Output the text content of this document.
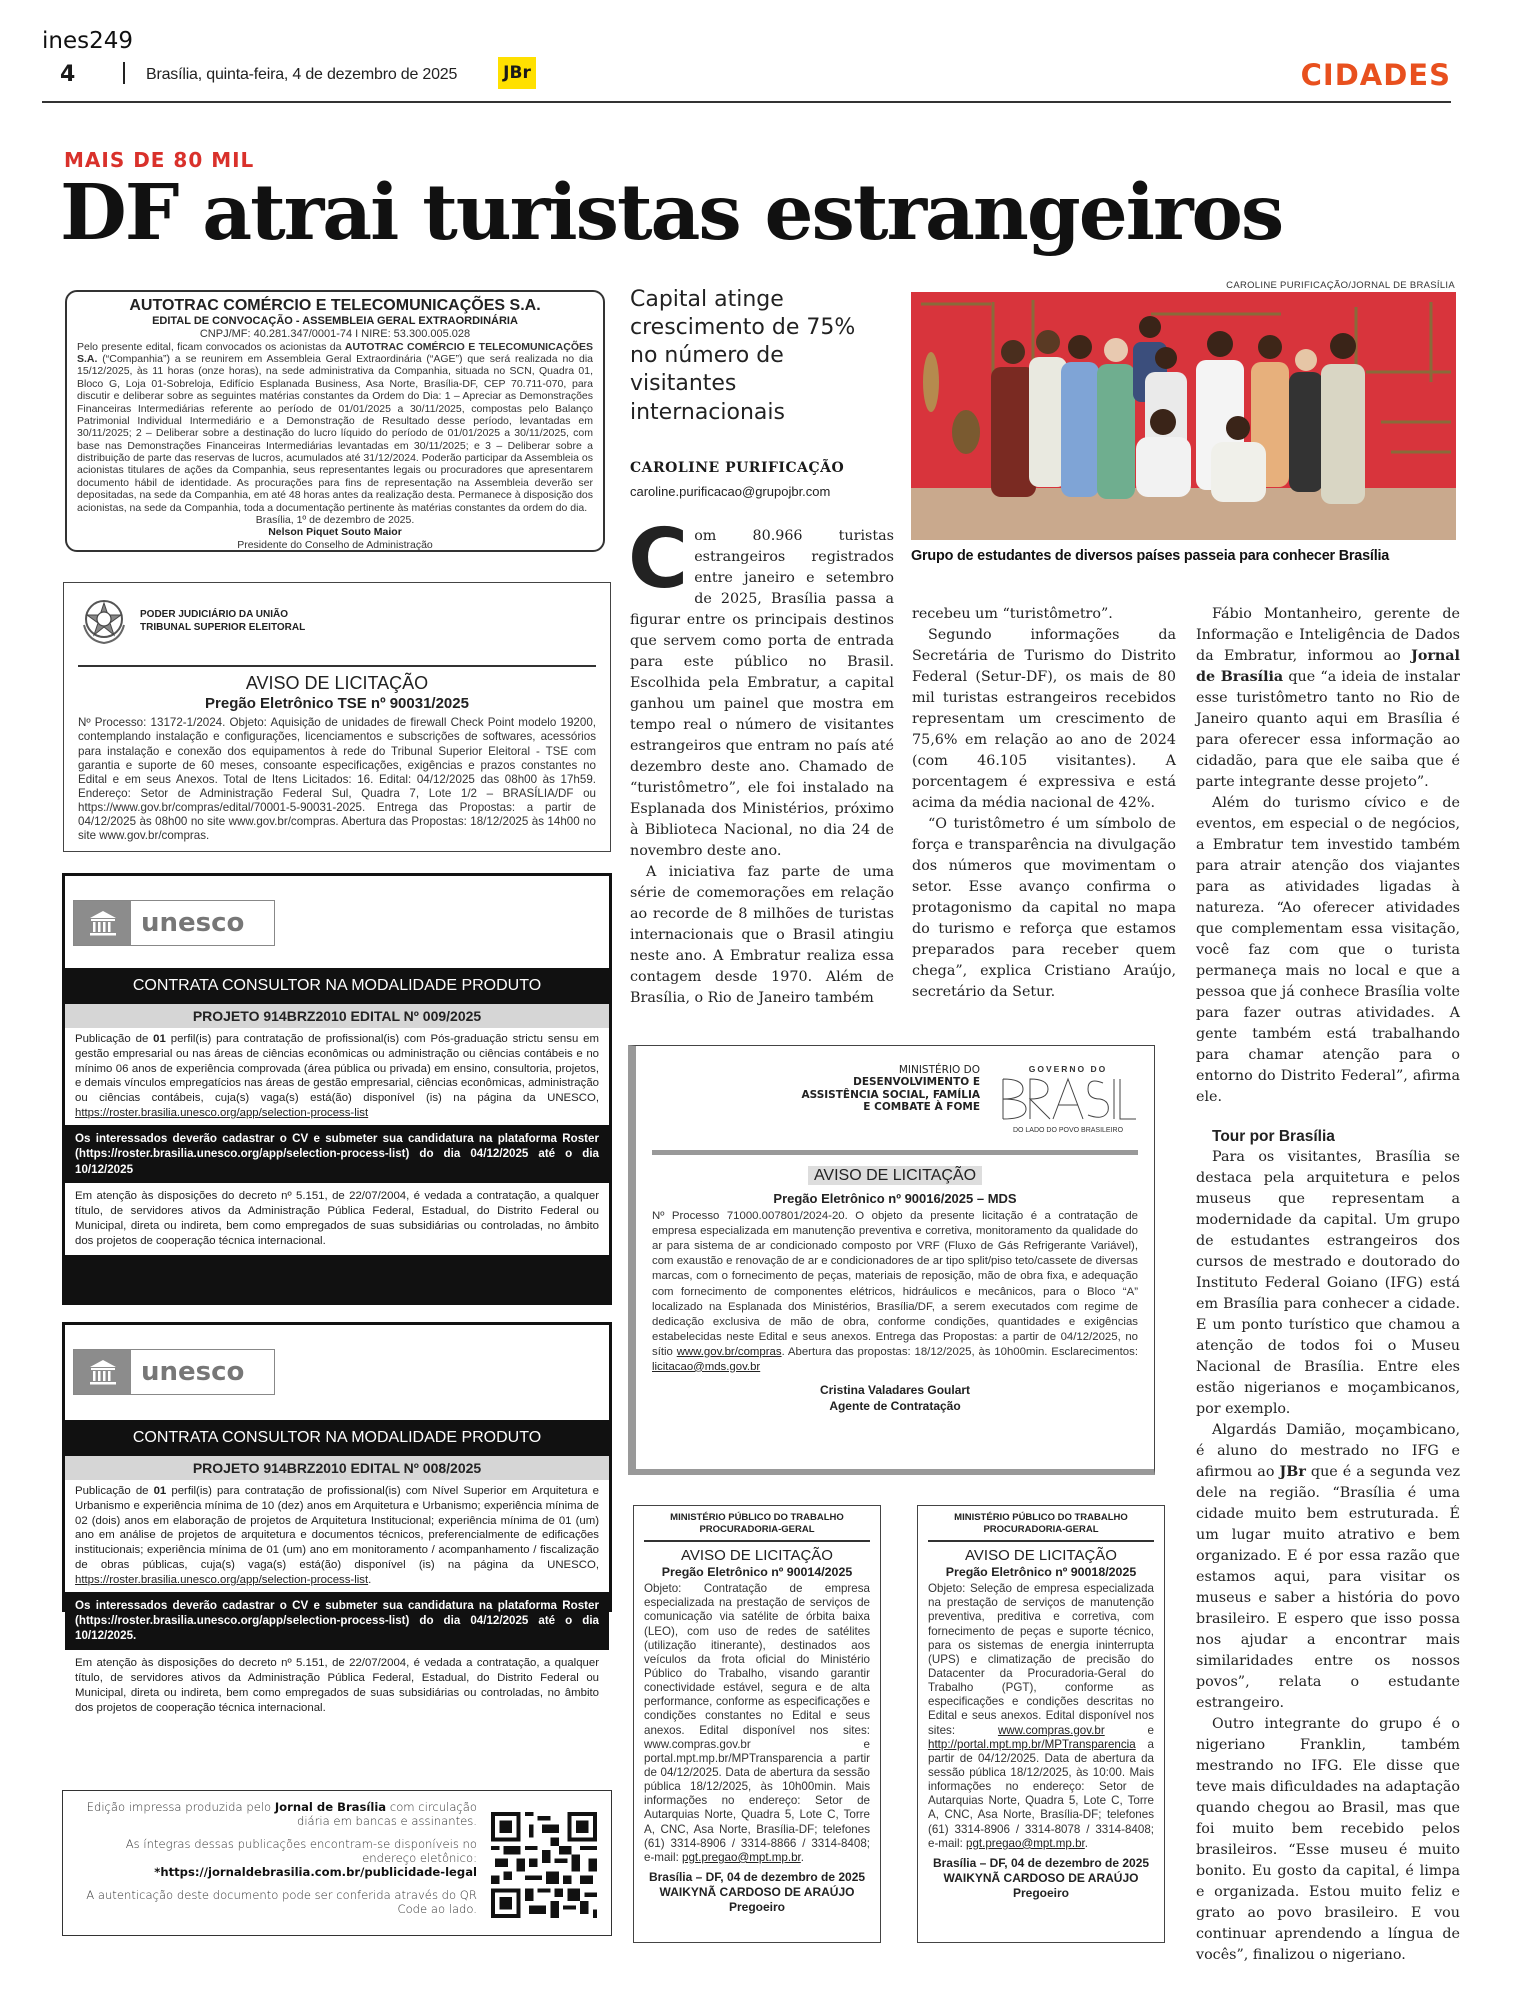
ines249
4	Brasília, quinta-feira, 4 de dezembro de 2025	JBr	CIDADES
MAIS DE 80 MIL
DF atrai turistas estrangeiros
AUTOTRAC COMÉRCIO E TELECOMUNICAÇÕES S.A.
EDITAL DE CONVOCAÇÃO - ASSEMBLEIA GERAL EXTRAORDINÁRIA
CNPJ/MF: 40.281.347/0001-74 I NIRE: 53.300.005.028
Pelo presente edital, ficam convocados os acionistas da AUTOTRAC COMÉRCIO E TELECOMUNICAÇÕES S.A. (“Companhia”) a se reunirem em Assembleia Geral Extraordinária (“AGE”) que será realizada no dia 15/12/2025, às 11 horas (onze horas), na sede administrativa da Companhia, situada no SCN, Quadra 01, Bloco G, Loja 01-Sobreloja, Edifício Esplanada Business, Asa Norte, Brasília-DF, CEP 70.711-070, para discutir e deliberar sobre as seguintes matérias constantes da Ordem do Dia: 1 – Apreciar as Demonstrações Financeiras Intermediárias referente ao período de 01/01/2025 a 30/11/2025, compostas pelo Balanço Patrimonial Individual Intermediário e a Demonstração de Resultado desse período, levantadas em 30/11/2025; 2 – Deliberar sobre a destinação do lucro líquido do período de 01/01/2025 a 30/11/2025, com base nas Demonstrações Financeiras Intermediárias levantadas em 30/11/2025; e 3 – Deliberar sobre a distribuição de parte das reservas de lucros, acumulados até 31/12/2024. Poderão participar da Assembleia os acionistas titulares de ações da Companhia, seus representantes legais ou procuradores que apresentarem documento hábil de identidade. As procurações para fins de representação na Assembleia deverão ser depositadas, na sede da Companhia, em até 48 horas antes da realização desta. Permanece à disposição dos acionistas, na sede da Companhia, toda a documentação pertinente às matérias constantes da ordem do dia.
Brasília, 1º de dezembro de 2025.
Nelson Piquet Souto Maior
Presidente do Conselho de Administração
PODER JUDICIÁRIO DA UNIÃO
TRIBUNAL SUPERIOR ELEITORAL
AVISO DE LICITAÇÃO
Pregão Eletrônico TSE nº 90031/2025
Nº Processo: 13172-1/2024. Objeto: Aquisição de unidades de firewall Check Point modelo 19200, contemplando instalação e configurações, licenciamentos e subscrições de softwares, acessórios para instalação e conexão dos equipamentos à rede do Tribunal Superior Eleitoral - TSE com garantia e suporte de 60 meses, consoante especificações, exigências e prazos constantes no Edital e em seus Anexos. Total de Itens Licitados: 16. Edital: 04/12/2025 das 08h00 às 17h59. Endereço: Setor de Administração Federal Sul, Quadra 7, Lote 1/2 – BRASÍLIA/DF ou https://www.gov.br/compras/edital/70001-5-90031-2025. Entrega das Propostas: a partir de 04/12/2025 às 08h00 no site www.gov.br/compras. Abertura das Propostas: 18/12/2025 às 14h00 no site www.gov.br/compras.
unesco
CONTRATA CONSULTOR NA MODALIDADE PRODUTO
PROJETO 914BRZ2010 EDITAL Nº 009/2025
Publicação de 01 perfil(is) para contratação de profissional(is) com Pós-graduação strictu sensu em gestão empresarial ou nas áreas de ciências econômicas ou administração ou ciências contábeis e no mínimo 06 anos de experiência comprovada (área pública ou privada) em ensino, consultoria, projetos, e demais vínculos empregatícios nas áreas de gestão empresarial, ciências econômicas, administração ou ciências contábeis, cuja(s) vaga(s) está(ão) disponível (is) na página da UNESCO, https://roster.brasilia.unesco.org/app/selection-process-list
Os interessados deverão cadastrar o CV e submeter sua candidatura na plataforma Roster (https://roster.brasilia.unesco.org/app/selection-process-list) do dia 04/12/2025 até o dia 10/12/2025
Em atenção às disposições do decreto nº 5.151, de 22/07/2004, é vedada a contratação, a qualquer título, de servidores ativos da Administração Pública Federal, Estadual, do Distrito Federal ou Municipal, direta ou indireta, bem como empregados de suas subsidiárias ou controladas, no âmbito dos projetos de cooperação técnica internacional.
unesco
CONTRATA CONSULTOR NA MODALIDADE PRODUTO
PROJETO 914BRZ2010 EDITAL Nº 008/2025
Publicação de 01 perfil(is) para contratação de profissional(is) com Nível Superior em Arquitetura e Urbanismo e experiência mínima de 10 (dez) anos em Arquitetura e Urbanismo; experiência mínima de 02 (dois) anos em elaboração de projetos de Arquitetura Institucional; experiência mínima de 01 (um) ano em análise de projetos de arquitetura e documentos técnicos, preferencialmente de edificações institucionais; experiência mínima de 01 (um) ano em monitoramento / acompanhamento / fiscalização de obras públicas, cuja(s) vaga(s) está(ão) disponível (is) na página da UNESCO, https://roster.brasilia.unesco.org/app/selection-process-list.
Os interessados deverão cadastrar o CV e submeter sua candidatura na plataforma Roster (https://roster.brasilia.unesco.org/app/selection-process-list) do dia 04/12/2025 até o dia 10/12/2025.
Em atenção às disposições do decreto nº 5.151, de 22/07/2004, é vedada a contratação, a qualquer título, de servidores ativos da Administração Pública Federal, Estadual, do Distrito Federal ou Municipal, direta ou indireta, bem como empregados de suas subsidiárias ou controladas, no âmbito dos projetos de cooperação técnica internacional.

Edição impressa produzida pelo Jornal de Brasília com circulação diária em bancas e assinantes.

As íntegras dessas publicações encontram-se disponíveis no endereço eletônico: *https://jornaldebrasilia.com.br/publicidade-legal

A autenticação deste documento pode ser conferida através do QR Code ao lado.

Capital atinge crescimento de 75% no número de visitantes internacionais
CAROLINE PURIFICAÇÃO
caroline.purificacao@grupojbr.com
CAROLINE PURIFICAÇÃO/JORNAL DE BRASÍLIA
Grupo de estudantes de diversos países passeia para conhecer Brasília

Com 80.966 turistas estrangeiros registrados entre janeiro e setembro de 2025, Brasília passa a figurar entre os principais destinos que servem como porta de entrada para este público no Brasil. Escolhida pela Embratur, a capital ganhou um painel que mostra em tempo real o número de visitantes estrangeiros que entram no país até dezembro deste ano. Chamado de “turistômetro”, ele foi instalado na Esplanada dos Ministérios, próximo à Biblioteca Nacional, no dia 24 de novembro deste ano.

A iniciativa faz parte de uma série de comemorações em relação ao recorde de 8 milhões de turistas internacionais que o Brasil atingiu neste ano. A Embratur realiza essa contagem desde 1970. Além de Brasília, o Rio de Janeiro também

recebeu um “turistômetro”.

Segundo informações da Secretária de Turismo do Distrito Federal (Setur-DF), os mais de 80 mil turistas estrangeiros recebidos representam um crescimento de 75,6% em relação ao ano de 2024 (com 46.105 visitantes). A porcentagem é expressiva e está acima da média nacional de 42%.

“O turistômetro é um símbolo de força e transparência na divulgação dos números que movimentam o setor. Esse avanço confirma o protagonismo da capital no mapa do turismo e reforça que estamos preparados para receber quem chega”, explica Cristiano Araújo, secretário da Setur.

Fábio Montanheiro, gerente de Informação e Inteligência de Dados da Embratur, informou ao Jornal de Brasília que “a ideia de instalar esse turistômetro tanto no Rio de Janeiro quanto aqui em Brasília é para oferecer essa informação ao cidadão, para que ele saiba que é parte integrante desse projeto”.

Além do turismo cívico e de eventos, em especial o de negócios, a Embratur tem investido também para atrair atenção dos viajantes para as atividades ligadas à natureza. “Ao oferecer atividades que complementam essa visitação, você faz com que o turista permaneça mais no local e que a pessoa que já conhece Brasília volte para fazer outras atividades. A gente também está trabalhando para chamar atenção para o entorno do Distrito Federal”, afirma ele.

Tour por Brasília

Para os visitantes, Brasília se destaca pela arquitetura e pelos museus que representam a modernidade da capital. Um grupo de estudantes estrangeiros dos cursos de mestrado e doutorado do Instituto Federal Goiano (IFG) está em Brasília para conhecer a cidade. E um ponto turístico que chamou a atenção de todos foi o Museu Nacional de Brasília. Entre eles estão nigerianos e moçambicanos, por exemplo.

Algardás Damião, moçambicano, é aluno do mestrado no IFG e afirmou ao JBr que é a segunda vez dele na região. “Brasília é uma cidade muito bem estruturada. É um lugar muito atrativo e bem organizado. E é por essa razão que estamos aqui, para visitar os museus e saber a história do povo brasileiro. E espero que isso possa nos ajudar a encontrar mais similaridades entre os nossos povos”, relata o estudante estrangeiro.

Outro integrante do grupo é o nigeriano Franklin, também mestrando no IFG. Ele disse que teve mais dificuldades na adaptação quando chegou ao Brasil, mas que foi muito bem recebido pelos brasileiros. “Esse museu é muito bonito. Eu gosto da capital, é limpa e organizada. Estou muito feliz e grato ao povo brasileiro. E vou continuar aprendendo a língua de vocês”, finalizou o nigeriano.

MINISTÉRIO DO
DESENVOLVIMENTO E
ASSISTÊNCIA SOCIAL, FAMÍLIA
E COMBATE À FOME
GOVERNO DO
DO LADO DO POVO BRASILEIRO
AVISO DE LICITAÇÃO
Pregão Eletrônico nº 90016/2025 – MDS
Nº Processo 71000.007801/2024-20. O objeto da presente licitação é a contratação de empresa especializada em manutenção preventiva e corretiva, monitoramento da qualidade do ar para sistema de ar condicionado composto por VRF (Fluxo de Gás Refrigerante Variável), com exaustão e renovação de ar e condicionadores de ar tipo split/piso teto/cassete de diversas marcas, com o fornecimento de peças, materiais de reposição, mão de obra fixa, e adequação com fornecimento de componentes elétricos, hidráulicos e mecânicos, para o Bloco “A” localizado na Esplanada dos Ministérios, Brasília/DF, a serem executados com regime de dedicação exclusiva de mão de obra, conforme condições, quantidades e exigências estabelecidas neste Edital e seus anexos. Entrega das Propostas: a partir de 04/12/2025, no sítio www.gov.br/compras. Abertura das propostas: 18/12/2025, às 10h00min. Esclarecimentos: licitacao@mds.gov.br
Cristina Valadares Goulart
Agente de Contratação
MINISTÉRIO PÚBLICO DO TRABALHO
PROCURADORIA-GERAL
AVISO DE LICITAÇÃO
Pregão Eletrônico nº 90014/2025
Objeto: Contratação de empresa especializada na prestação de serviços de comunicação via satélite de órbita baixa (LEO), com uso de redes de satélites (utilização itinerante), destinados aos veículos da frota oficial do Ministério Público do Trabalho, visando garantir conectividade estável, segura e de alta performance, conforme as especificações e condições constantes no Edital e seus anexos. Edital disponível nos sites: www.compras.gov.br e portal.mpt.mp.br/MPTransparencia a partir de 04/12/2025. Data de abertura da sessão pública 18/12/2025, às 10h00min. Mais informações no endereço: Setor de Autarquias Norte, Quadra 5, Lote C, Torre A, CNC, Asa Norte, Brasília-DF; telefones (61) 3314-8906 / 3314-8866 / 3314-8408; e-mail: pgt.pregao@mpt.mp.br.
Brasília – DF, 04 de dezembro de 2025
WAIKYNÃ CARDOSO DE ARAÚJO
Pregoeiro
MINISTÉRIO PÚBLICO DO TRABALHO
PROCURADORIA-GERAL
AVISO DE LICITAÇÃO
Pregão Eletrônico nº 90018/2025
Objeto: Seleção de empresa especializada na prestação de serviços de manutenção preventiva, preditiva e corretiva, com fornecimento de peças e suporte técnico, para os sistemas de energia ininterrupta (UPS) e climatização de precisão do Datacenter da Procuradoria-Geral do Trabalho (PGT), conforme as especificações e condições descritas no Edital e seus anexos. Edital disponível nos sites: www.compras.gov.br e http://portal.mpt.mp.br/MPTransparencia a partir de 04/12/2025. Data de abertura da sessão pública 18/12/2025, às 10:00. Mais informações no endereço: Setor de Autarquias Norte, Quadra 5, Lote C, Torre A, CNC, Asa Norte, Brasília-DF; telefones (61) 3314-8906 / 3314-8078 / 3314-8408; e-mail: pgt.pregao@mpt.mp.br.
Brasília – DF, 04 de dezembro de 2025
WAIKYNÃ CARDOSO DE ARAÚJO
Pregoeiro
